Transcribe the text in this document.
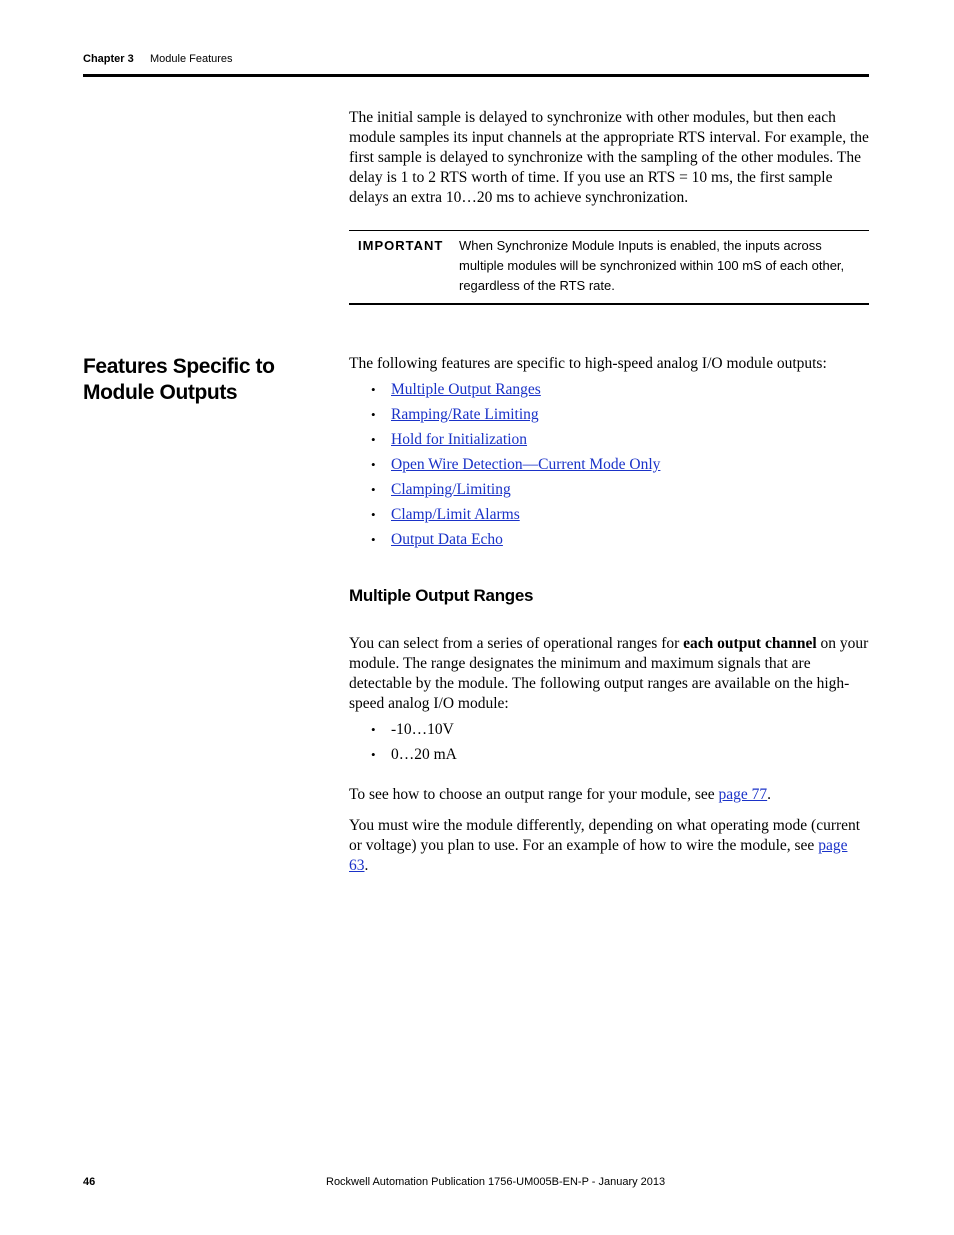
Chapter 3 Module Features

The initial sample is delayed to synchronize with other modules, but then each module samples its input channels at the appropriate RTS interval. For example, the first sample is delayed to synchronize with the sampling of the other modules. The delay is 1 to 2 RTS worth of time. If you use an RTS = 10 ms, the first sample delays an extra 10…20 ms to achieve synchronization.

IMPORTANT When Synchronize Module Inputs is enabled, the inputs across multiple modules will be synchronized within 100 mS of each other, regardless of the RTS rate.
Features Specific to Module Outputs

The following features are specific to high-speed analog I/O module outputs:

• Multiple Output Ranges
• Ramping/Rate Limiting
• Hold for Initialization
• Open Wire Detection—Current Mode Only
• Clamping/Limiting
• Clamp/Limit Alarms
• Output Data Echo
Multiple Output Ranges

You can select from a series of operational ranges for each output channel on your module. The range designates the minimum and maximum signals that are detectable by the module. The following output ranges are available on the high-speed analog I/O module:

• -10…10V
• 0…20 mA

To see how to choose an output range for your module, see page 77.

You must wire the module differently, depending on what operating mode (current or voltage) you plan to use. For an example of how to wire the module, see page 63.

46	Rockwell Automation Publication 1756-UM005B-EN-P - January 2013
